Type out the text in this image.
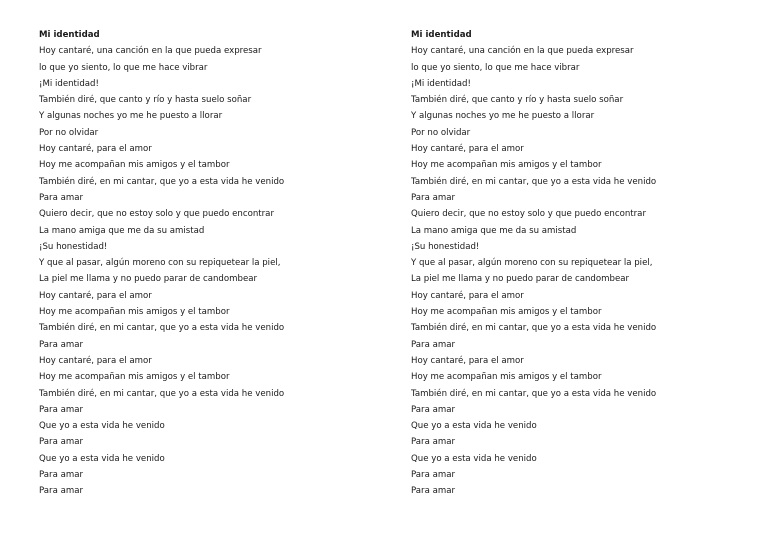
Mi identidad
Hoy cantaré, una canción en la que pueda expresar
lo que yo siento, lo que me hace vibrar
¡Mi identidad!
También diré, que canto y río y hasta suelo soñar
Y algunas noches yo me he puesto a llorar
Por no olvidar
Hoy cantaré, para el amor
Hoy me acompañan mis amigos y el tambor
También diré, en mi cantar, que yo a esta vida he venido
Para amar
Quiero decir, que no estoy solo y que puedo encontrar
La mano amiga que me da su amistad
¡Su honestidad!
Y que al pasar, algún moreno con su repiquetear la piel,
La piel me llama y no puedo parar de candombear
Hoy cantaré, para el amor
Hoy me acompañan mis amigos y el tambor
También diré, en mi cantar, que yo a esta vida he venido
Para amar
Hoy cantaré, para el amor
Hoy me acompañan mis amigos y el tambor
También diré, en mi cantar, que yo a esta vida he venido
Para amar
Que yo a esta vida he venido
Para amar
Que yo a esta vida he venido
Para amar
Para amar
Mi identidad
Hoy cantaré, una canción en la que pueda expresar
lo que yo siento, lo que me hace vibrar
¡Mi identidad!
También diré, que canto y río y hasta suelo soñar
Y algunas noches yo me he puesto a llorar
Por no olvidar
Hoy cantaré, para el amor
Hoy me acompañan mis amigos y el tambor
También diré, en mi cantar, que yo a esta vida he venido
Para amar
Quiero decir, que no estoy solo y que puedo encontrar
La mano amiga que me da su amistad
¡Su honestidad!
Y que al pasar, algún moreno con su repiquetear la piel,
La piel me llama y no puedo parar de candombear
Hoy cantaré, para el amor
Hoy me acompañan mis amigos y el tambor
También diré, en mi cantar, que yo a esta vida he venido
Para amar
Hoy cantaré, para el amor
Hoy me acompañan mis amigos y el tambor
También diré, en mi cantar, que yo a esta vida he venido
Para amar
Que yo a esta vida he venido
Para amar
Que yo a esta vida he venido
Para amar
Para amar
